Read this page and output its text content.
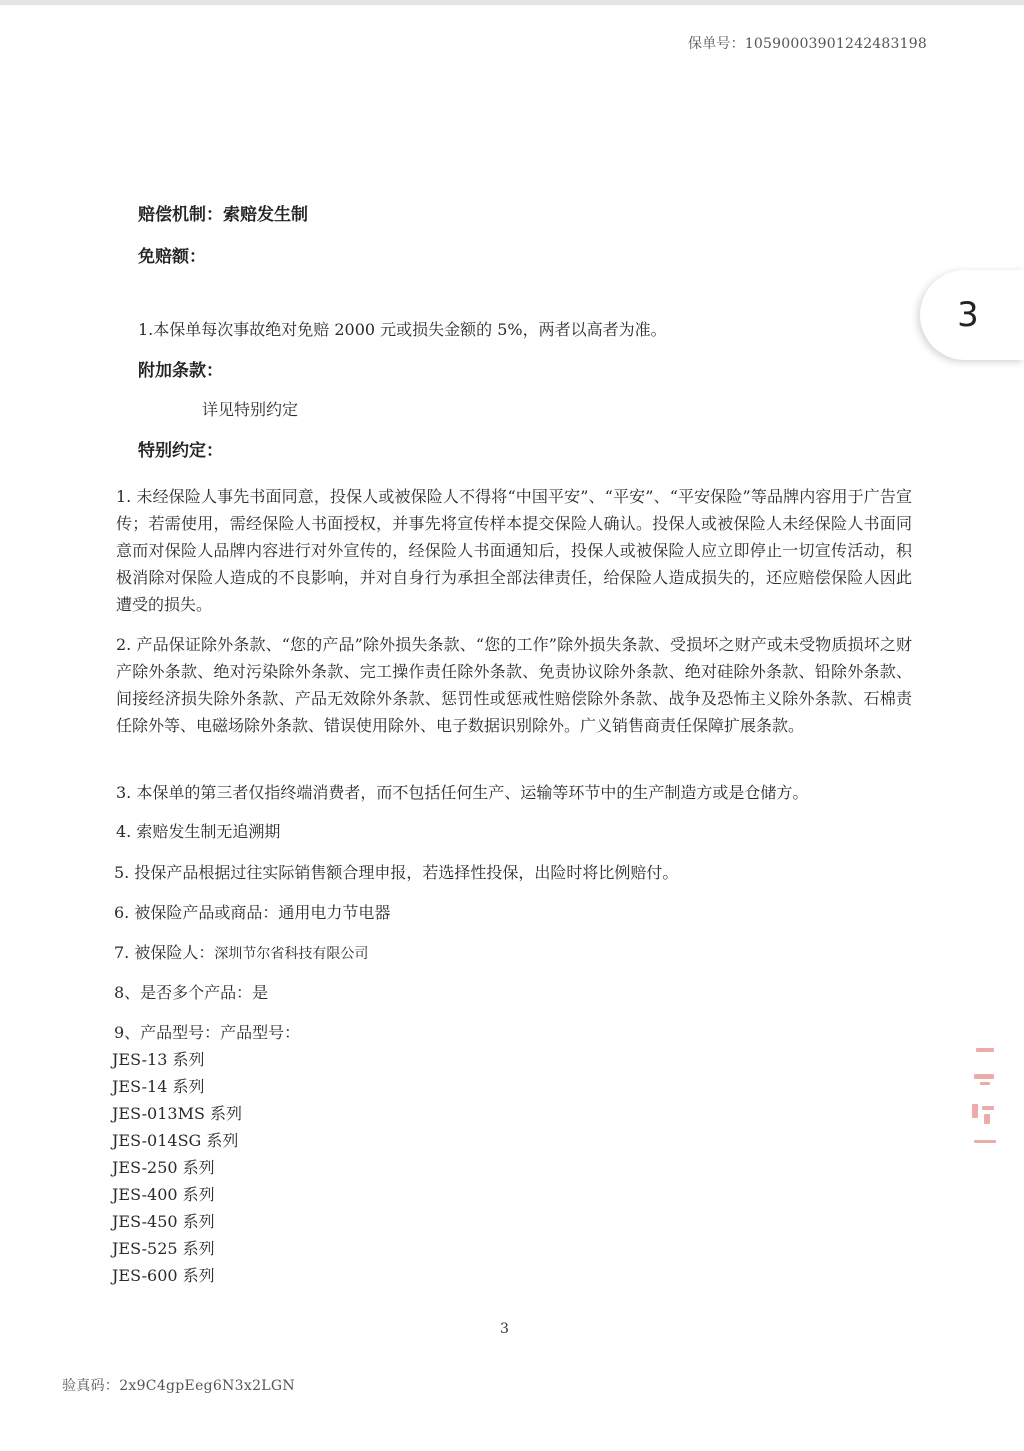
保单号：10590003901242483198
3
赔偿机制：索赔发生制
免赔额：
1.本保单每次事故绝对免赔 2000 元或损失金额的 5%，两者以高者为准。
附加条款：
详见特别约定
特别约定：
1. 未经保险人事先书面同意，投保人或被保险人不得将“中国平安”、“平安”、“平安保险”等品牌内容用于广告宣传；若需使用，需经保险人书面授权，并事先将宣传样本提交保险人确认。投保人或被保险人未经保险人书面同意而对保险人品牌内容进行对外宣传的，经保险人书面通知后，投保人或被保险人应立即停止一切宣传活动，积极消除对保险人造成的不良影响，并对自身行为承担全部法律责任，给保险人造成损失的，还应赔偿保险人因此遭受的损失。
2. 产品保证除外条款、“您的产品”除外损失条款、“您的工作”除外损失条款、受损坏之财产或未受物质损坏之财产除外条款、绝对污染除外条款、完工操作责任除外条款、免责协议除外条款、绝对硅除外条款、铅除外条款、间接经济损失除外条款、产品无效除外条款、惩罚性或惩戒性赔偿除外条款、战争及恐怖主义除外条款、石棉责任除外等、电磁场除外条款、错误使用除外、电子数据识别除外。广义销售商责任保障扩展条款。
3. 本保单的第三者仅指终端消费者，而不包括任何生产、运输等环节中的生产制造方或是仓储方。
4. 索赔发生制无追溯期
5. 投保产品根据过往实际销售额合理申报，若选择性投保，出险时将比例赔付。
6. 被保险产品或商品：通用电力节电器
7. 被保险人：深圳节尔省科技有限公司
8、是否多个产品：是
9、产品型号：产品型号：
JES-13 系列
JES-14 系列
JES-013MS 系列
JES-014SG 系列
JES-250 系列
JES-400 系列
JES-450 系列
JES-525 系列
JES-600 系列
3
验真码：2x9C4gpEeg6N3x2LGN
